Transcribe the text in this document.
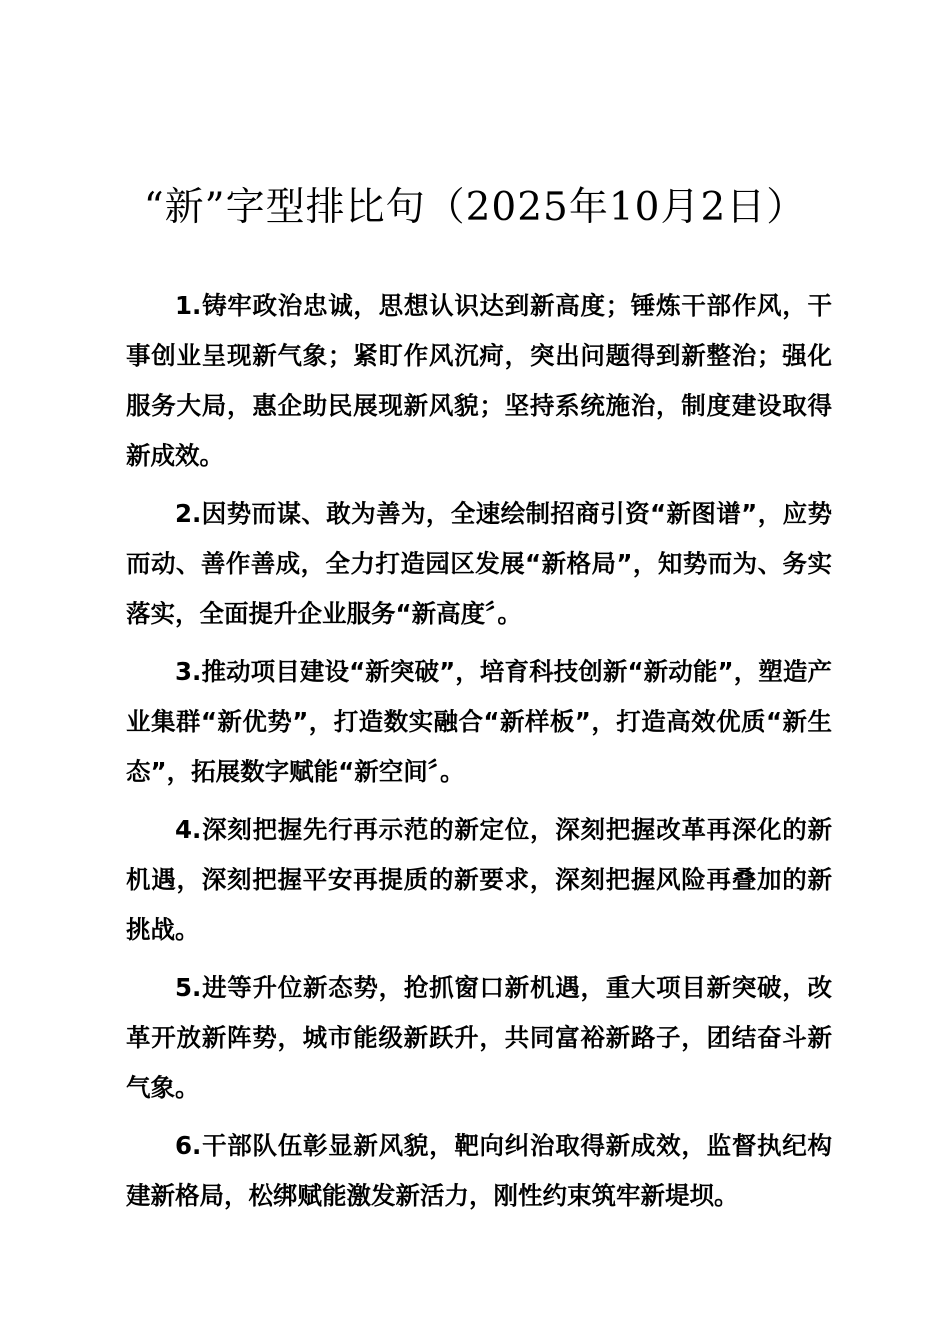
“新”字型排比句（2025年10月2日）

1.铸牢政治忠诚，思想认识达到新高度；锤炼干部作风，干事创业呈现新气象；紧盯作风沉疴，突出问题得到新整治；强化服务大局，惠企助民展现新风貌；坚持系统施治，制度建设取得新成效。

2.因势而谋、敢为善为，全速绘制招商引资“新图谱”，应势而动、善作善成，全力打造园区发展“新格局”，知势而为、务实落实，全面提升企业服务“新高度〞。

3.推动项目建设“新突破”，培育科技创新“新动能”，塑造产业集群“新优势”，打造数实融合“新样板”，打造高效优质“新生态”，拓展数字赋能“新空间〞。

4.深刻把握先行再示范的新定位，深刻把握改革再深化的新机遇，深刻把握平安再提质的新要求，深刻把握风险再叠加的新挑战。

5.进等升位新态势，抢抓窗口新机遇，重大项目新突破，改革开放新阵势，城市能级新跃升，共同富裕新路子，团结奋斗新气象。

6.干部队伍彰显新风貌，靶向纠治取得新成效，监督执纪构建新格局，松绑赋能激发新活力，刚性约束筑牢新堤坝。
